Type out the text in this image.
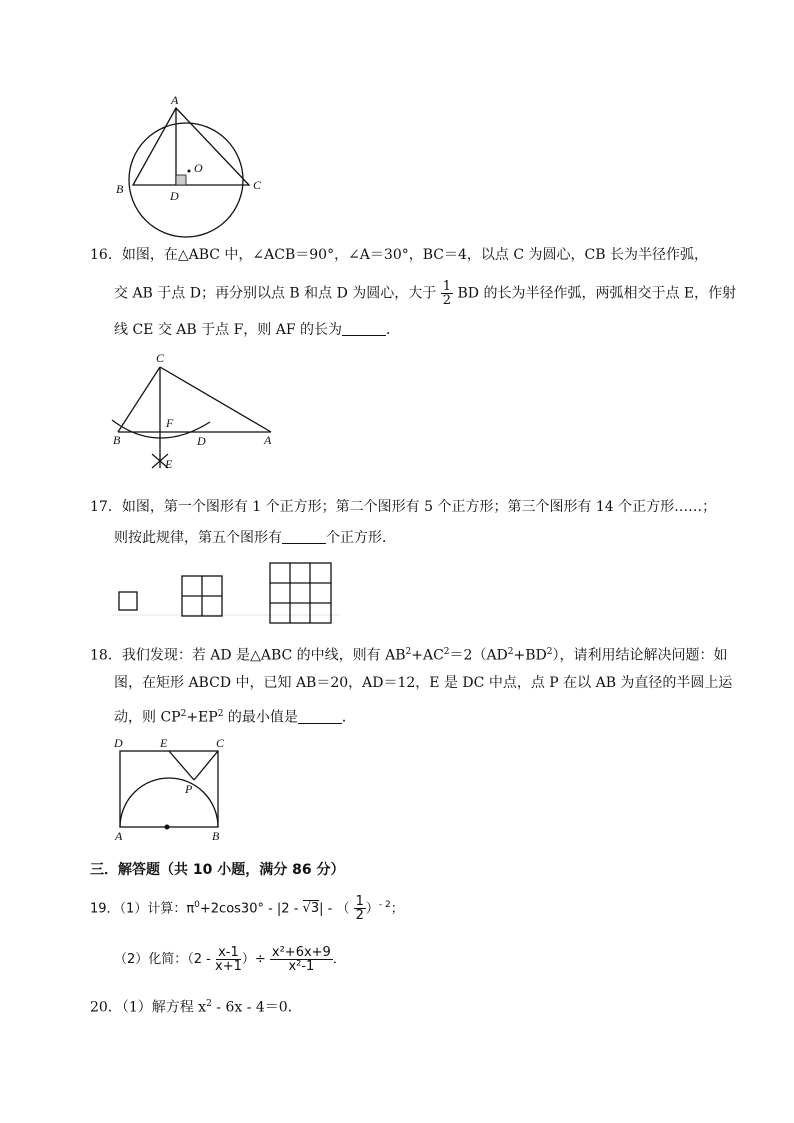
A
B	C
D
O
16．如图，在△ABC 中，∠ACB＝90°，∠A＝30°，BC＝4，以点 C 为圆心，CB 长为半径作弧，
交 AB 于点 D；再分别以点 B 和点 D 为圆心，大于 $\frac{1}{2}$ BD 的长为半径作弧，两弧相交于点 E，作射
线 CE 交 AB 于点 F，则 AF 的长为	．
C
F
B	D	A
E
17．如图，第一个图形有 1 个正方形；第二个图形有 5 个正方形；第三个图形有 14 个正方形……；
则按此规律，第五个图形有	个正方形．
18．我们发现：若 AD 是△ABC 的中线，则有 $AB^2+AC^2=2(AD^2+BD^2)$，请利用结论解决问题：如
图，在矩形 ABCD 中，已知 AB＝20，AD＝12，E 是 DC 中点，点 P 在以 AB 为直径的半圆上运
动，则 $CP^2+EP^2$ 的最小值是	．
D	E	C
P
A	B
三．解答题（共 10 小题，满分 86 分）
19．（1）计算：$\pi^0+2\cos 30^\circ - |2 - √3|$ - （ $\frac{1}{2} )^{- 2}$；
（2）化简：（$2 - \frac{x-1}{x+1}$ ）÷ $\frac{\text{x²+6x+9}}{\text{x²-1}}$ ．
20．（1）解方程 $x^2 - 6x - 4=0$．
